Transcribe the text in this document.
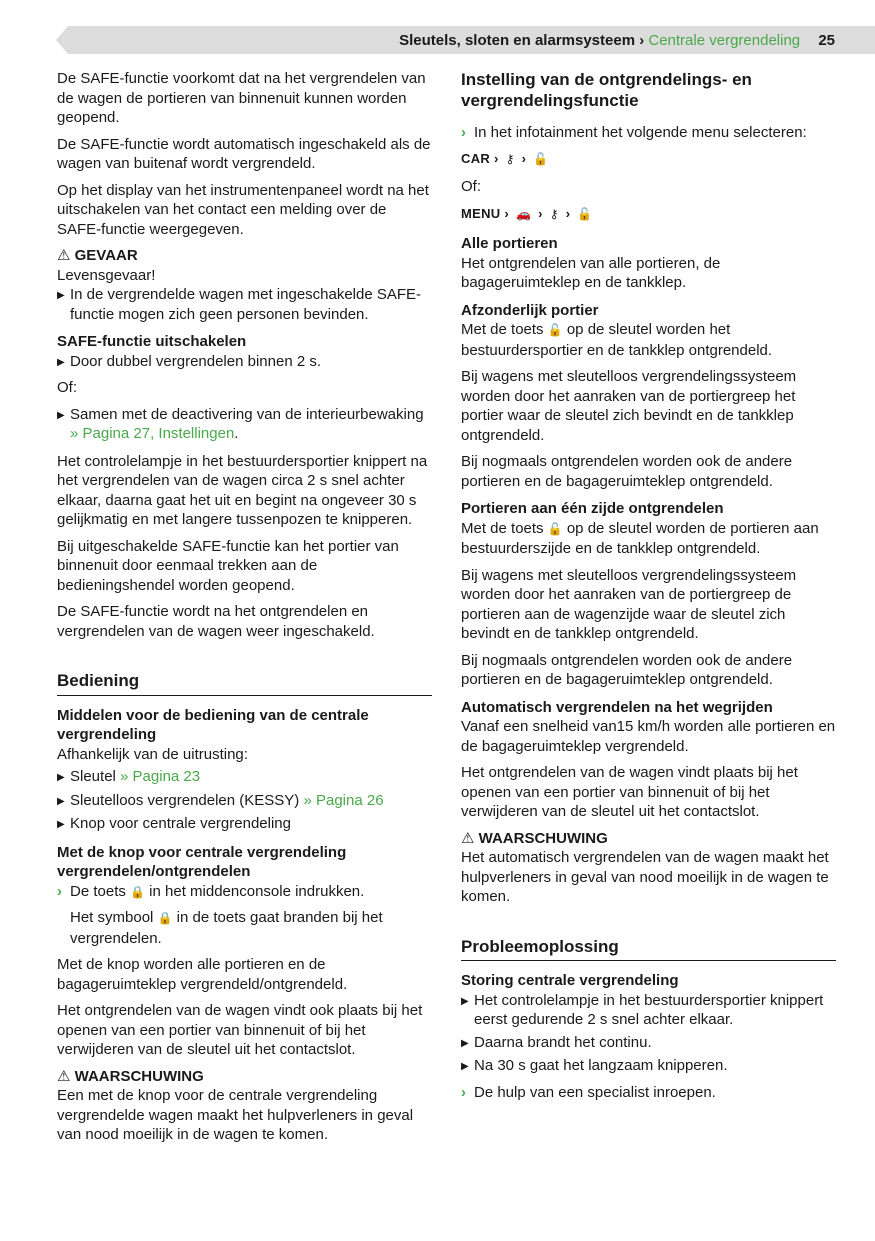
Sleutels, sloten en alarmsysteem › Centrale vergrendeling 25

De SAFE-functie voorkomt dat na het vergrendelen van de wagen de portieren van binnenuit kunnen worden geopend.

De SAFE-functie wordt automatisch ingeschakeld als de wagen van buitenaf wordt vergrendeld.

Op het display van het instrumentenpaneel wordt na het uitschakelen van het contact een melding over de SAFE-functie weergegeven.

⚠ GEVAAR
Levensgevaar!
▶ In de vergrendelde wagen met ingeschakelde SAFE-functie mogen zich geen personen bevinden.
SAFE-functie uitschakelen
▶ Door dubbel vergrendelen binnen 2 s.

Of:

▶ Samen met de deactivering van de interieurbewaking » Pagina 27, Instellingen.

Het controlelampje in het bestuurdersportier knippert na het vergrendelen van de wagen circa 2 s snel achter elkaar, daarna gaat het uit en begint na ongeveer 30 s gelijkmatig en met langere tussenpozen te knipperen.

Bij uitgeschakelde SAFE-functie kan het portier van binnenuit door eenmaal trekken aan de bedieningshendel worden geopend.

De SAFE-functie wordt na het ontgrendelen en vergrendelen van de wagen weer ingeschakeld.

Bediening
Middelen voor de bediening van de centrale vergrendeling
Afhankelijk van de uitrusting:
▶ Sleutel » Pagina 23
▶ Sleutelloos vergrendelen (KESSY) » Pagina 26
▶ Knop voor centrale vergrendeling
Met de knop voor centrale vergrendeling vergrendelen/ontgrendelen
› De toets 🔒 in het middenconsole indrukken.

Het symbool 🔒 in de toets gaat branden bij het vergrendelen.

Met de knop worden alle portieren en de bagageruimteklep vergrendeld/ontgrendeld.

Het ontgrendelen van de wagen vindt ook plaats bij het openen van een portier van binnenuit of bij het verwijderen van de sleutel uit het contactslot.

⚠ WAARSCHUWING
Een met de knop voor de centrale vergrendeling vergrendelde wagen maakt het hulpverleners in geval van nood moeilijk in de wagen te komen.
Instelling van de ontgrendelings- en vergrendelingsfunctie
› In het infotainment het volgende menu selecteren:
CAR › ⚷ › 🔓

Of:

MENU › 🚗 › ⚷ › 🔓
Alle portieren

Het ontgrendelen van alle portieren, de bagageruimteklep en de tankklep.

Afzonderlijk portier

Met de toets 🔓 op de sleutel worden het bestuurdersportier en de tankklep ontgrendeld.

Bij wagens met sleutelloos vergrendelingssysteem worden door het aanraken van de portiergreep het portier waar de sleutel zich bevindt en de tankklep ontgrendeld.

Bij nogmaals ontgrendelen worden ook de andere portieren en de bagageruimteklep ontgrendeld.

Portieren aan één zijde ontgrendelen

Met de toets 🔓 op de sleutel worden de portieren aan bestuurderszijde en de tankklep ontgrendeld.

Bij wagens met sleutelloos vergrendelingssysteem worden door het aanraken van de portiergreep de portieren aan de wagenzijde waar de sleutel zich bevindt en de tankklep ontgrendeld.

Bij nogmaals ontgrendelen worden ook de andere portieren en de bagageruimteklep ontgrendeld.

Automatisch vergrendelen na het wegrijden

Vanaf een snelheid van15 km/h worden alle portieren en de bagageruimteklep vergrendeld.

Het ontgrendelen van de wagen vindt plaats bij het openen van een portier van binnenuit of bij het verwijderen van de sleutel uit het contactslot.

⚠ WAARSCHUWING
Het automatisch vergrendelen van de wagen maakt het hulpverleners in geval van nood moeilijk in de wagen te komen.
Probleemoplossing
Storing centrale vergrendeling
▶ Het controlelampje in het bestuurdersportier knippert eerst gedurende 2 s snel achter elkaar.
▶ Daarna brandt het continu.
▶ Na 30 s gaat het langzaam knipperen.
› De hulp van een specialist inroepen.
